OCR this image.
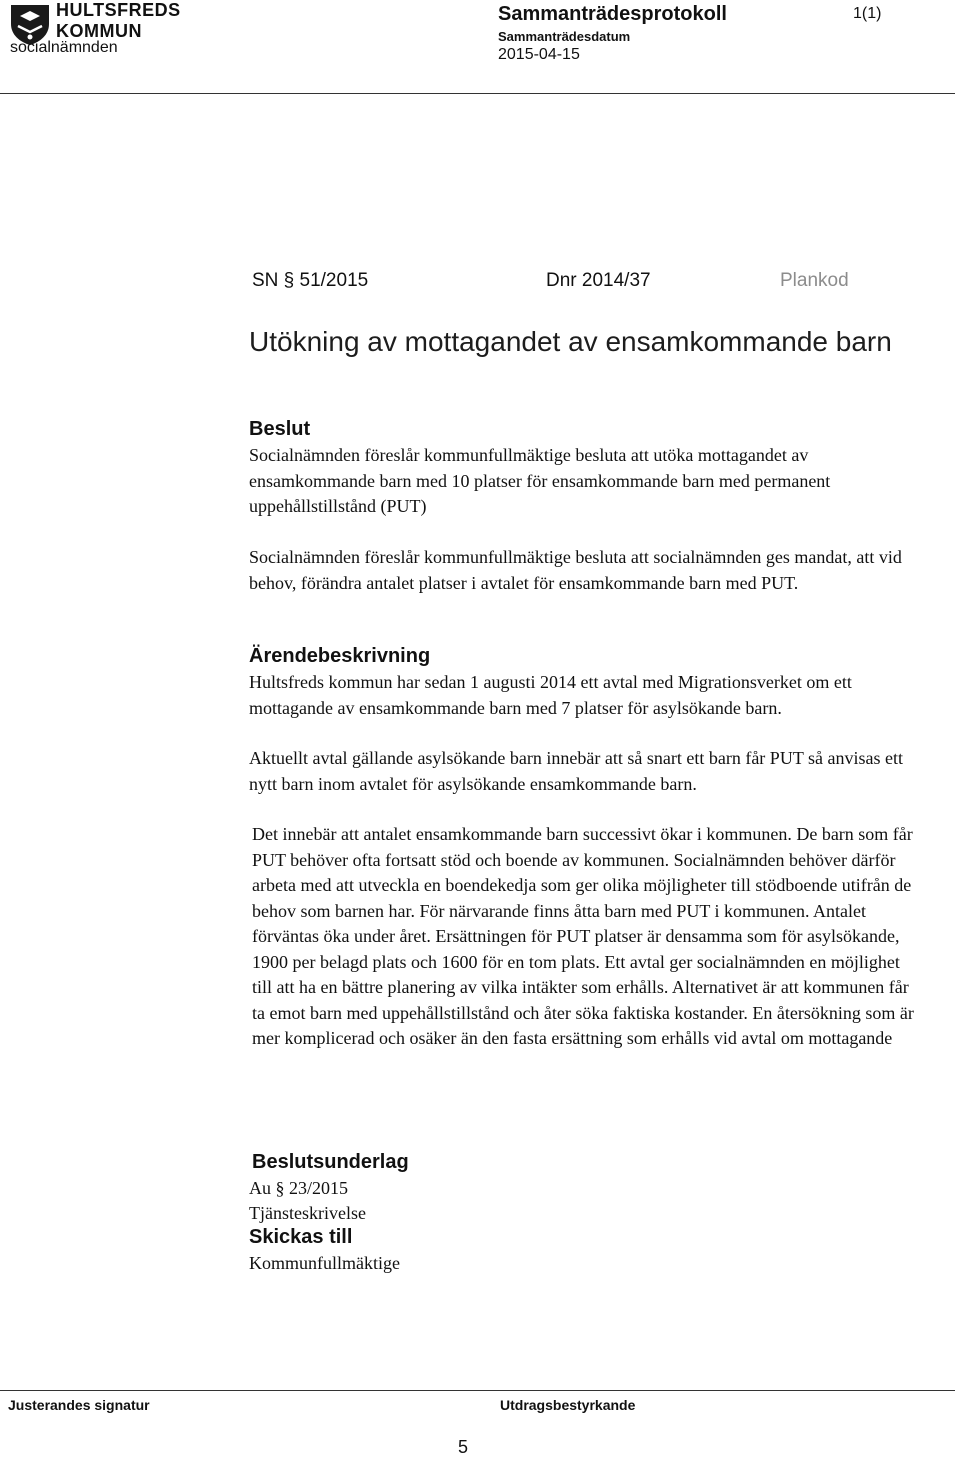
HULTSFREDS
KOMMUN
Sammanträdesprotokoll
Sammanträdesdatum
2015-04-15
1(1)
socialnämnden
SN § 51/2015	Dnr 2014/37	Plankod
Utökning av mottagandet av ensamkommande barn
Beslut
Socialnämnden föreslår kommunfullmäktige besluta att utöka mottagandet av ensamkommande barn med 10 platser för ensamkommande barn med permanent uppehållstillstånd (PUT)
Socialnämnden föreslår kommunfullmäktige besluta att socialnämnden ges mandat, att vid behov, förändra antalet platser i avtalet för ensamkommande barn med PUT.
Ärendebeskrivning
Hultsfreds kommun har sedan 1 augusti 2014 ett avtal med Migrationsverket om ett mottagande av ensamkommande barn med 7 platser för asylsökande barn.
Aktuellt avtal gällande asylsökande barn innebär att så snart ett barn får PUT så anvisas ett nytt barn inom avtalet för asylsökande ensamkommande barn.
Det innebär att antalet ensamkommande barn successivt ökar i kommunen. De barn som får PUT behöver ofta fortsatt stöd och boende av kommunen. Socialnämnden behöver därför arbeta med att utveckla en boendekedja som ger olika möjligheter till stödboende utifrån de behov som barnen har. För närvarande finns åtta barn med PUT i kommunen. Antalet förväntas öka under året. Ersättningen för PUT platser är densamma som för asylsökande, 1900 per belagd plats och 1600 för en tom plats. Ett avtal ger socialnämnden en möjlighet till att ha en bättre planering av vilka intäkter som erhålls. Alternativet är att kommunen får ta emot barn med uppehållstillstånd och åter söka faktiska kostander. En återsökning som är mer komplicerad och osäker än den fasta ersättning som erhålls vid avtal om mottagande
Beslutsunderlag
Au § 23/2015
Tjänsteskrivelse
Skickas till
Kommunfullmäktige
Justerandes signatur	Utdragsbestyrkande
5
